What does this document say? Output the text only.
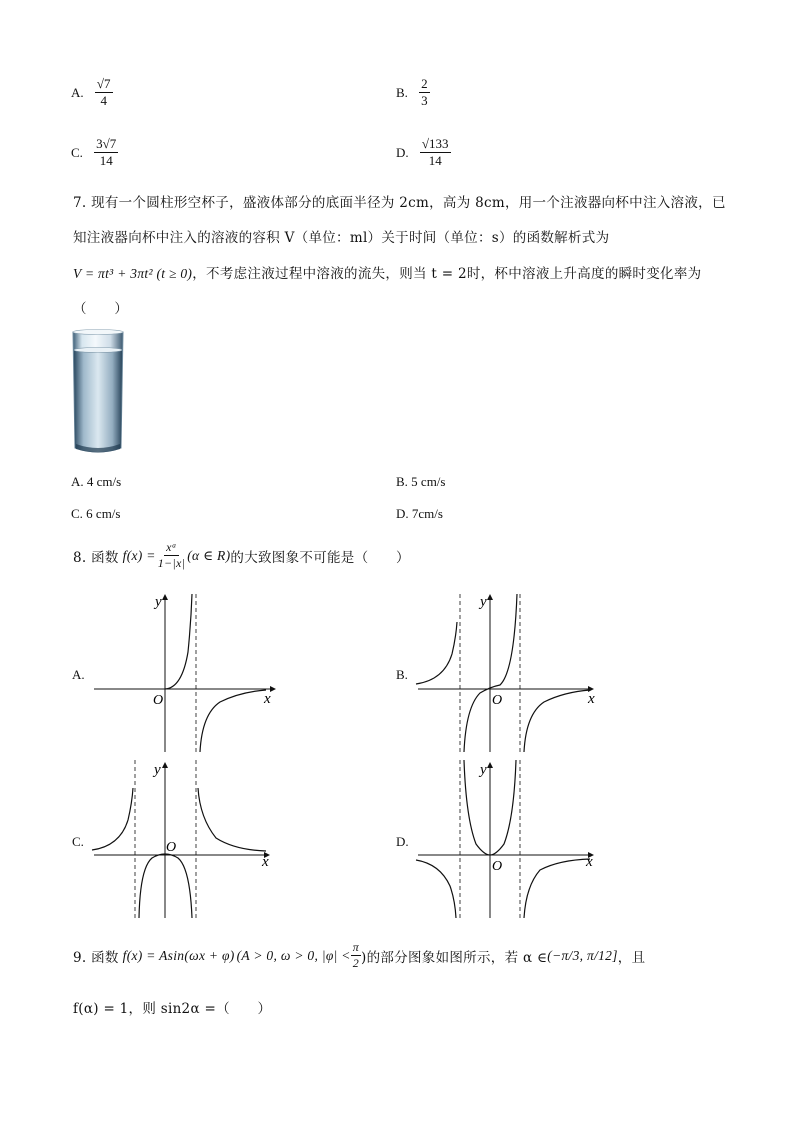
A. $\frac{√7}{4}$	B. $\frac{2}{3}$
C. $\frac{3√7}{14}$	D. $\frac{√133}{14}$
7. 现有一个圆柱形空杯子，盛液体部分的底面半径为 2cm，高为 8cm，用一个注液器向杯中注入溶液，已
知注液器向杯中注入的溶液的容积 V（单位：ml）关于时间（单位：s）的函数解析式为
V = πt³ + 3πt² (t ≥ 0)，不考虑注液过程中溶液的流失，则当 t = 2时，杯中溶液上升高度的瞬时变化率为
（　　）
A. 4 cm/s	B. 5 cm/s
C. 6 cm/s	D. 7cm/s
8. 函数 $f(x) = \frac{\text{xᵃ}}{1-|x|} (\alpha$ ∈ R) 的大致图象不可能是（　　）
A.
y
x
O
B.
y
x
O
C.
y
x
O	D.
y
x
O
9. 函数 f(x) = Asin(ωx + φ) (A > 0, ω > 0, $|\varphi| < \frac{\pi}{2}$ )的部分图象如图所示，若 α ∈ (−π/3, π/12] ，且
f(α) = 1，则 sin2α =（　　）
